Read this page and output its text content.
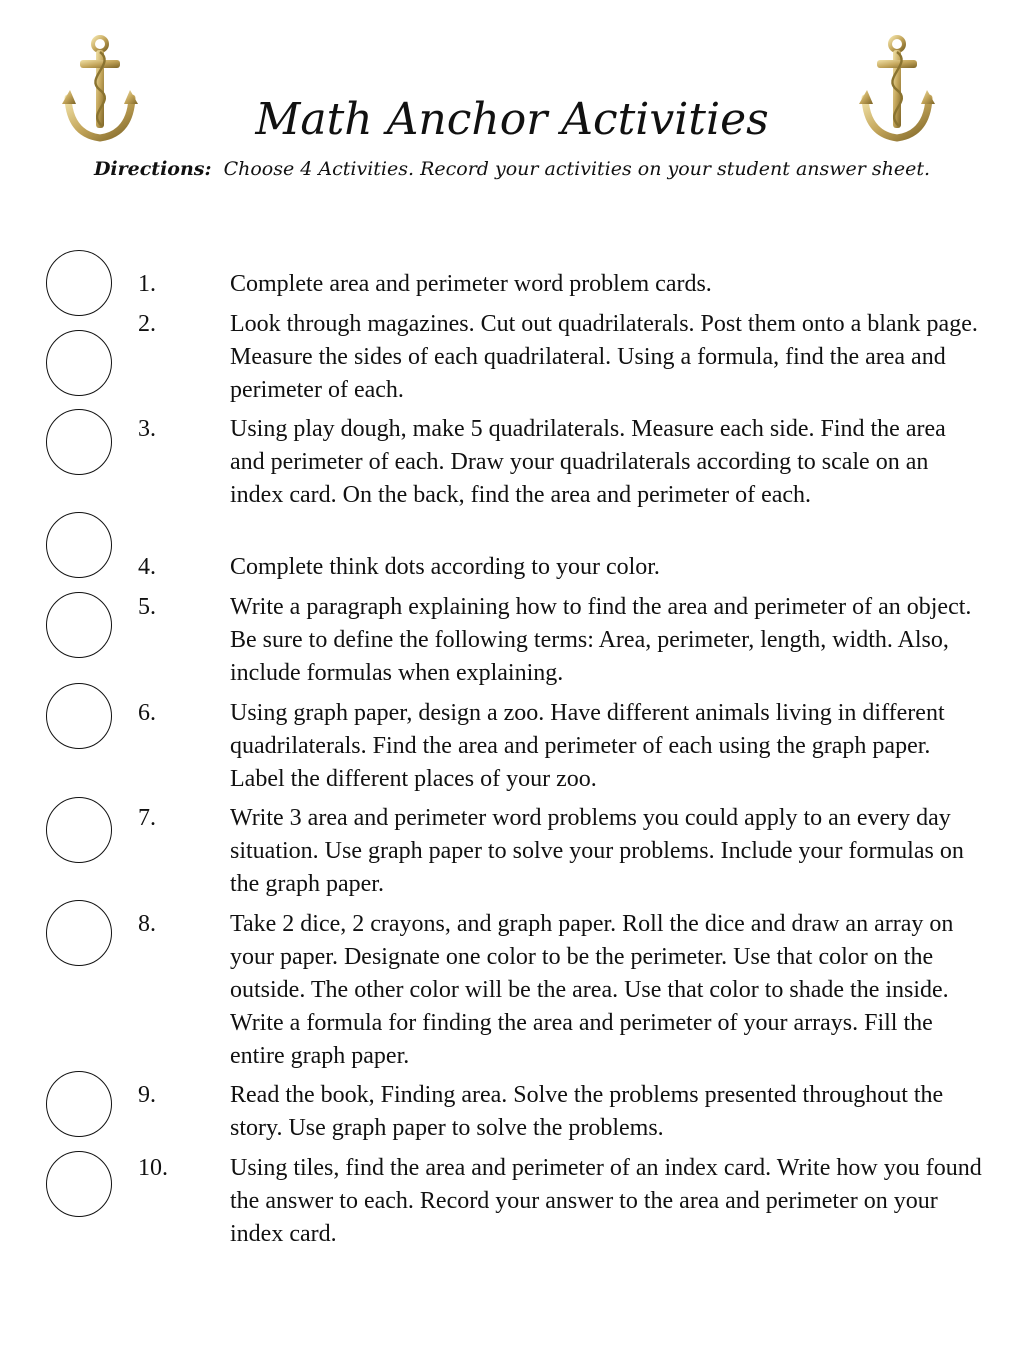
Math Anchor Activities
Directions: Choose 4 Activities. Record your activities on your student answer sheet.
1.	Complete area and perimeter word problem cards.
2.	Look through magazines. Cut out quadrilaterals. Post them onto a blank page. Measure the sides of each quadrilateral. Using a formula, find the area and perimeter of each.
3.	Using play dough, make 5 quadrilaterals. Measure each side. Find the area and perimeter of each. Draw your quadrilaterals according to scale on an index card. On the back, find the area and perimeter of each.
4.	Complete think dots according to your color.
5.	Write a paragraph explaining how to find the area and perimeter of an object. Be sure to define the following terms: Area, perimeter, length, width. Also, include formulas when explaining.
6.	Using graph paper, design a zoo. Have different animals living in different quadrilaterals. Find the area and perimeter of each using the graph paper. Label the different places of your zoo.
7.	Write 3 area and perimeter word problems you could apply to an every day situation. Use graph paper to solve your problems. Include your formulas on the graph paper.
8.	Take 2 dice, 2 crayons, and graph paper. Roll the dice and draw an array on your paper. Designate one color to be the perimeter. Use that color on the outside. The other color will be the area. Use that color to shade the inside. Write a formula for finding the area and perimeter of your arrays. Fill the entire graph paper.
9.	Read the book, Finding area. Solve the problems presented throughout the story. Use graph paper to solve the problems.
10.	Using tiles, find the area and perimeter of an index card. Write how you found the answer to each. Record your answer to the area and perimeter on your index card.
